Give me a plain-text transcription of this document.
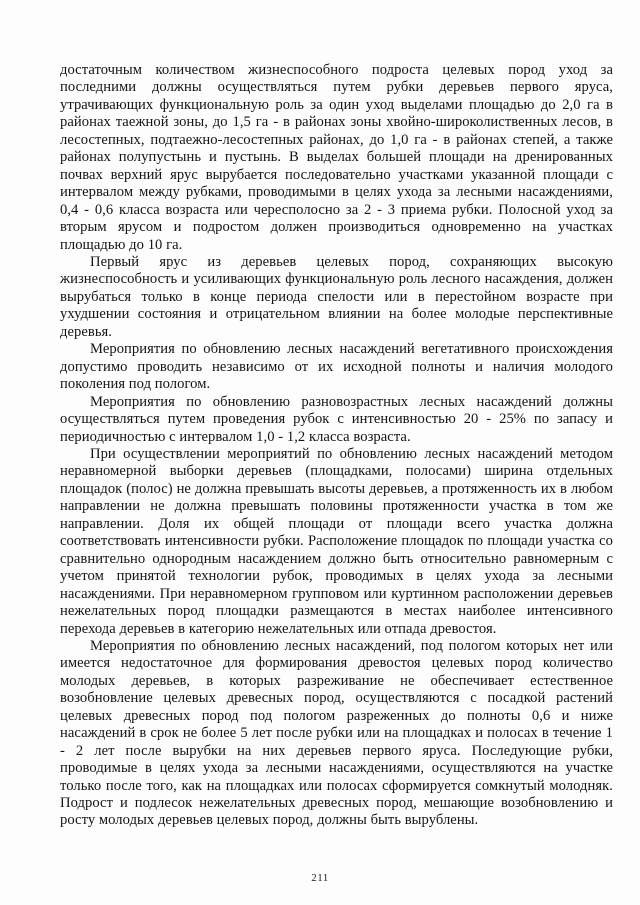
достаточным количеством жизнеспособного подроста целевых пород уход за последними должны осуществляться путем рубки деревьев первого яруса, утрачивающих функциональную роль за один уход выделами площадью до 2,0 га в районах таежной зоны, до 1,5 га - в районах зоны хвойно-широколиственных лесов, в лесостепных, подтаежно-лесостепных районах, до 1,0 га - в районах степей, а также районах полупустынь и пустынь. В выделах большей площади на дренированных почвах верхний ярус вырубается последовательно участками указанной площади с интервалом между рубками, проводимыми в целях ухода за лесными насаждениями, 0,4 - 0,6 класса возраста или чересполосно за 2 - 3 приема рубки. Полосной уход за вторым ярусом и подростом должен производиться одновременно на участках площадью до 10 га.

Первый ярус из деревьев целевых пород, сохраняющих высокую жизнеспособность и усиливающих функциональную роль лесного насаждения, должен вырубаться только в конце периода спелости или в перестойном возрасте при ухудшении состояния и отрицательном влиянии на более молодые перспективные деревья.

Мероприятия по обновлению лесных насаждений вегетативного происхождения допустимо проводить независимо от их исходной полноты и наличия молодого поколения под пологом.

Мероприятия по обновлению разновозрастных лесных насаждений должны осуществляться путем проведения рубок с интенсивностью 20 - 25% по запасу и периодичностью с интервалом 1,0 - 1,2 класса возраста.

При осуществлении мероприятий по обновлению лесных насаждений методом неравномерной выборки деревьев (площадками, полосами) ширина отдельных площадок (полос) не должна превышать высоты деревьев, а протяженность их в любом направлении не должна превышать половины протяженности участка в том же направлении. Доля их общей площади от площади всего участка должна соответствовать интенсивности рубки. Расположение площадок по площади участка со сравнительно однородным насаждением должно быть относительно равномерным с учетом принятой технологии рубок, проводимых в целях ухода за лесными насаждениями. При неравномерном групповом или куртинном расположении деревьев нежелательных пород площадки размещаются в местах наиболее интенсивного перехода деревьев в категорию нежелательных или отпада древостоя.

Мероприятия по обновлению лесных насаждений, под пологом которых нет или имеется недостаточное для формирования древостоя целевых пород количество молодых деревьев, в которых разреживание не обеспечивает естественное возобновление целевых древесных пород, осуществляются с посадкой растений целевых древесных пород под пологом разреженных до полноты 0,6 и ниже насаждений в срок не более 5 лет после рубки или на площадках и полосах в течение 1 - 2 лет после вырубки на них деревьев первого яруса. Последующие рубки, проводимые в целях ухода за лесными насаждениями, осуществляются на участке только после того, как на площадках или полосах сформируется сомкнутый молодняк. Подрост и подлесок нежелательных древесных пород, мешающие возобновлению и росту молодых деревьев целевых пород, должны быть вырублены.

211
